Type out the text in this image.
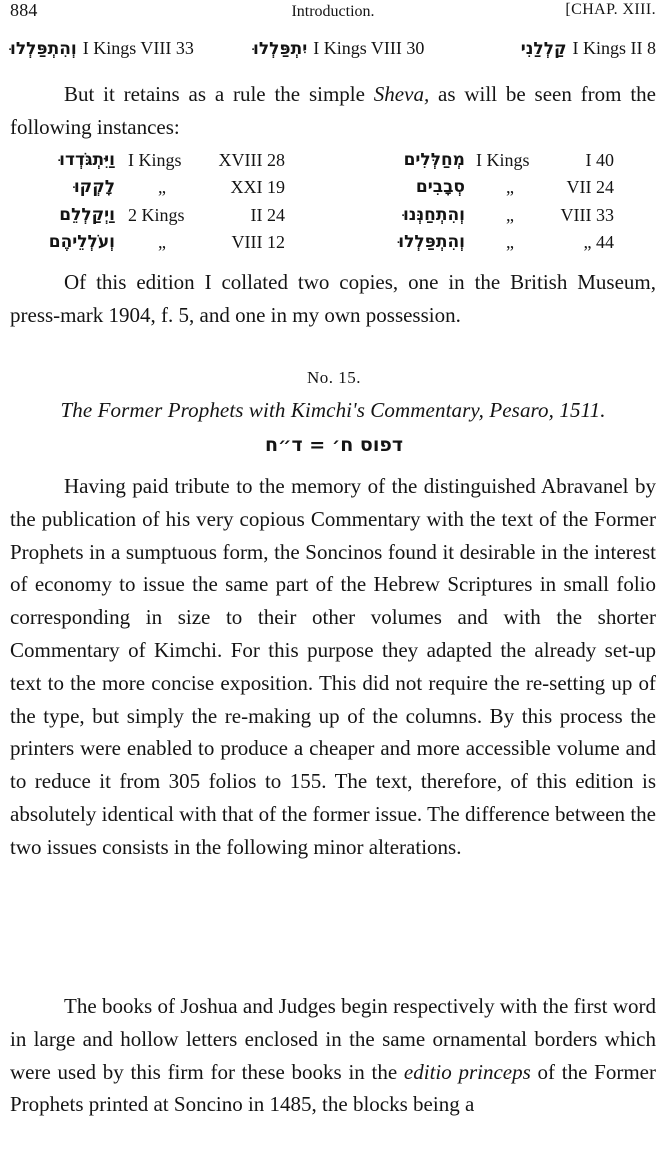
884	Introduction.	[CHAP. XIII.
וְהִתְפַּלְלוּ I Kings VIII 33	יִתְפַּלְלוּ I Kings VIII 30	קַלְלַנִי I Kings II 8

But it retains as a rule the simple Sheva, as will be seen from the following instances:

וַיִּתְגֹּדְדוּ I Kings	XVIII 28	מְחַלְּלִים I Kings	I 40
לָקְקוּ	„	XXI 19	סְבָבִים	„	VII 24
וַיְקַלְלֵם 2 Kings	II 24	וְהִתְחַנְּנוּ	„	VIII 33
וְעֹלְלֵיהֶם	„	VIII 12	וְהִתְפַּלְלוּ	„	„ 44

Of this edition I collated two copies, one in the British Museum, press-mark 1904, f. 5, and one in my own possession.

No. 15.
The Former Prophets with Kimchi's Commentary, Pesaro, 1511.
דפוס ח׳ = ד״ח

Having paid tribute to the memory of the distinguished Abravanel by the publication of his very copious Commentary with the text of the Former Prophets in a sumptuous form, the Soncinos found it desirable in the interest of economy to issue the same part of the Hebrew Scriptures in small folio corresponding in size to their other volumes and with the shorter Commentary of Kimchi. For this purpose they adapted the already set-up text to the more concise exposition. This did not require the re-setting up of the type, but simply the re-making up of the columns. By this process the printers were enabled to produce a cheaper and more accessible volume and to reduce it from 305 folios to 155. The text, therefore, of this edition is absolutely identical with that of the former issue. The difference between the two issues consists in the following minor alterations.

The books of Joshua and Judges begin respectively with the first word in large and hollow letters enclosed in the same ornamental borders which were used by this firm for these books in the editio princeps of the Former Prophets printed at Soncino in 1485, the blocks being a
